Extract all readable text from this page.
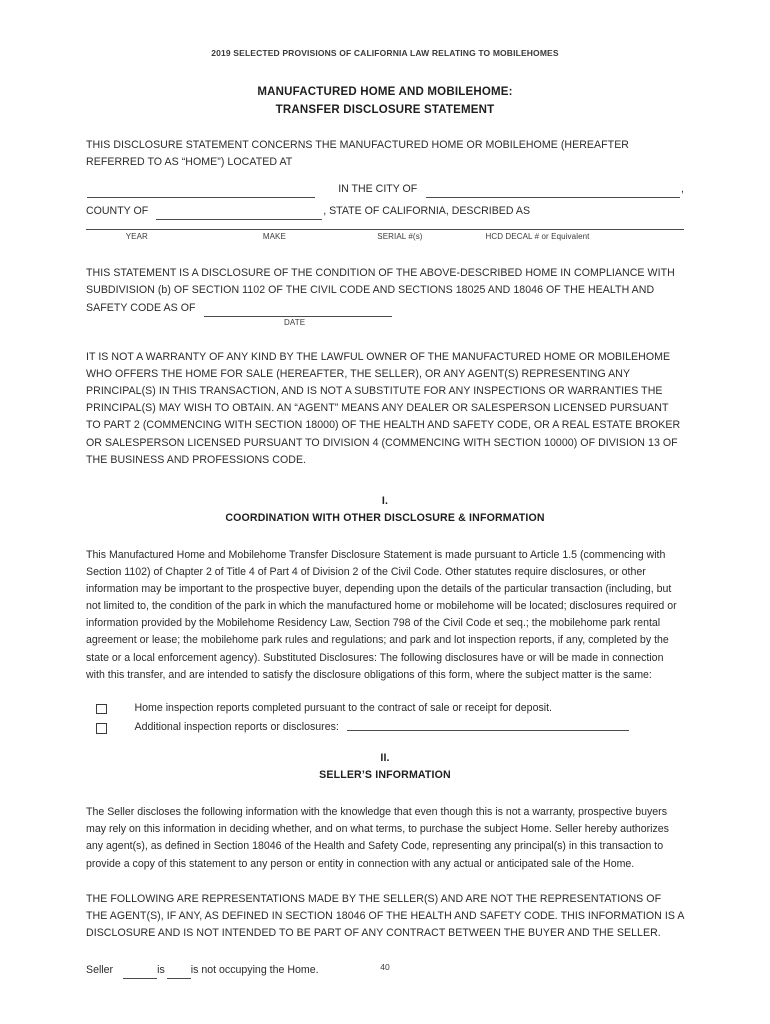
2019 SELECTED PROVISIONS OF CALIFORNIA LAW RELATING TO MOBILEHOMES
MANUFACTURED HOME AND MOBILEHOME:
TRANSFER DISCLOSURE STATEMENT
THIS DISCLOSURE STATEMENT CONCERNS THE MANUFACTURED HOME OR MOBILEHOME (HEREAFTER REFERRED TO AS “HOME”) LOCATED AT
IN THE CITY OF	,
COUNTY OF	, STATE OF CALIFORNIA, DESCRIBED AS
YEAR	MAKE	SERIAL #(s)	HCD DECAL # or Equivalent
THIS STATEMENT IS A DISCLOSURE OF THE CONDITION OF THE ABOVE-DESCRIBED HOME IN COMPLIANCE WITH
SUBDIVISION (b) OF SECTION 1102 OF THE CIVIL CODE AND SECTIONS 18025 AND 18046 OF THE HEALTH AND
SAFETY CODE AS OF
DATE
IT IS NOT A WARRANTY OF ANY KIND BY THE LAWFUL OWNER OF THE MANUFACTURED HOME OR MOBILEHOME WHO OFFERS THE HOME FOR SALE (HEREAFTER, THE SELLER), OR ANY AGENT(S) REPRESENTING ANY PRINCIPAL(S) IN THIS TRANSACTION, AND IS NOT A SUBSTITUTE FOR ANY INSPECTIONS OR WARRANTIES THE PRINCIPAL(S) MAY WISH TO OBTAIN. AN “AGENT” MEANS ANY DEALER OR SALESPERSON LICENSED PURSUANT TO PART 2 (COMMENCING WITH SECTION 18000) OF THE HEALTH AND SAFETY CODE, OR A REAL ESTATE BROKER OR SALESPERSON LICENSED PURSUANT TO DIVISION 4 (COMMENCING WITH SECTION 10000) OF DIVISION 13 OF THE BUSINESS AND PROFESSIONS CODE.
I.
COORDINATION WITH OTHER DISCLOSURE & INFORMATION
This Manufactured Home and Mobilehome Transfer Disclosure Statement is made pursuant to Article 1.5 (commencing with Section 1102) of Chapter 2 of Title 4 of Part 4 of Division 2 of the Civil Code. Other statutes require disclosures, or other information may be important to the prospective buyer, depending upon the details of the particular transaction (including, but not limited to, the condition of the park in which the manufactured home or mobilehome will be located; disclosures required or information provided by the Mobilehome Residency Law, Section 798 of the Civil Code et seq.; the mobilehome park rental agreement or lease; the mobilehome park rules and regulations; and park and lot inspection reports, if any, completed by the state or a local enforcement agency). Substituted Disclosures: The following disclosures have or will be made in connection with this transfer, and are intended to satisfy the disclosure obligations of this form, where the subject matter is the same:
Home inspection reports completed pursuant to the contract of sale or receipt for deposit.
Additional inspection reports or disclosures:
II.
SELLER’S INFORMATION
The Seller discloses the following information with the knowledge that even though this is not a warranty, prospective buyers may rely on this information in deciding whether, and on what terms, to purchase the subject Home. Seller hereby authorizes any agent(s), as defined in Section 18046 of the Health and Safety Code, representing any principal(s) in this transaction to provide a copy of this statement to any person or entity in connection with any actual or anticipated sale of the Home.
THE FOLLOWING ARE REPRESENTATIONS MADE BY THE SELLER(S) AND ARE NOT THE REPRESENTATIONS OF THE AGENT(S), IF ANY, AS DEFINED IN SECTION 18046 OF THE HEALTH AND SAFETY CODE. THIS INFORMATION IS A DISCLOSURE AND IS NOT INTENDED TO BE PART OF ANY CONTRACT BETWEEN THE BUYER AND THE SELLER.
Seller	is is not occupying the Home.	40
